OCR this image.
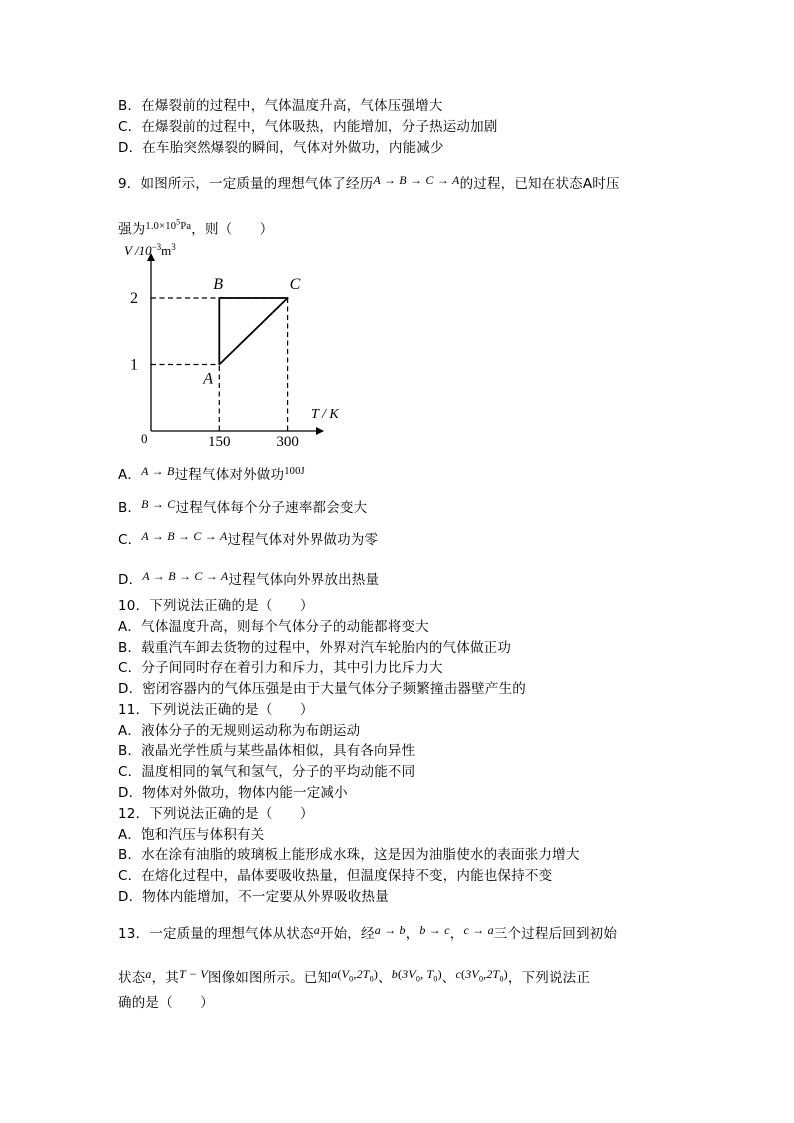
B．在爆裂前的过程中，气体温度升高，气体压强增大
C．在爆裂前的过程中，气体吸热，内能增加，分子热运动加剧
D．在车胎突然爆裂的瞬间，气体对外做功，内能减少
9．如图所示，一定质量的理想气体了经历A → B → C → A的过程，已知在状态A时压
强为$^{1.0\times 10^5Pa}$，则（　　）
V $/10^{-3}m^3$
T / K
0
2
1
150	300
A
B	C
A．A → B过程气体对外做功$^{100J}$
B．B → C过程气体每个分子速率都会变大
C．A → B → C → A过程气体对外界做功为零
D．A → B → C → A过程气体向外界放出热量
10．下列说法正确的是（　　）
A．气体温度升高，则每个气体分子的动能都将变大
B．载重汽车卸去货物的过程中，外界对汽车轮胎内的气体做正功
C．分子间同时存在着引力和斥力，其中引力比斥力大
D．密闭容器内的气体压强是由于大量气体分子频繁撞击器壁产生的
11．下列说法正确的是（　　）
A．液体分子的无规则运动称为布朗运动
B．液晶光学性质与某些晶体相似，具有各向异性
C．温度相同的氧气和氢气，分子的平均动能不同
D．物体对外做功，物体内能一定减小
12．下列说法正确的是（　　）
A．饱和汽压与体积有关
B．水在涂有油脂的玻璃板上能形成水珠，这是因为油脂使水的表面张力增大
C．在熔化过程中，晶体要吸收热量，但温度保持不变，内能也保持不变
D．物体内能增加，不一定要从外界吸收热量
13．一定质量的理想气体从状态a开始，经a → b，b → c，c → a三个过程后回到初始
状态a，其T − V图像如图所示。已知$a(V_0,2T_0)$、$b(3V_0$, $T_0$)、$c(3V_0,2T_0)$，下列说法正
确的是（　　）
